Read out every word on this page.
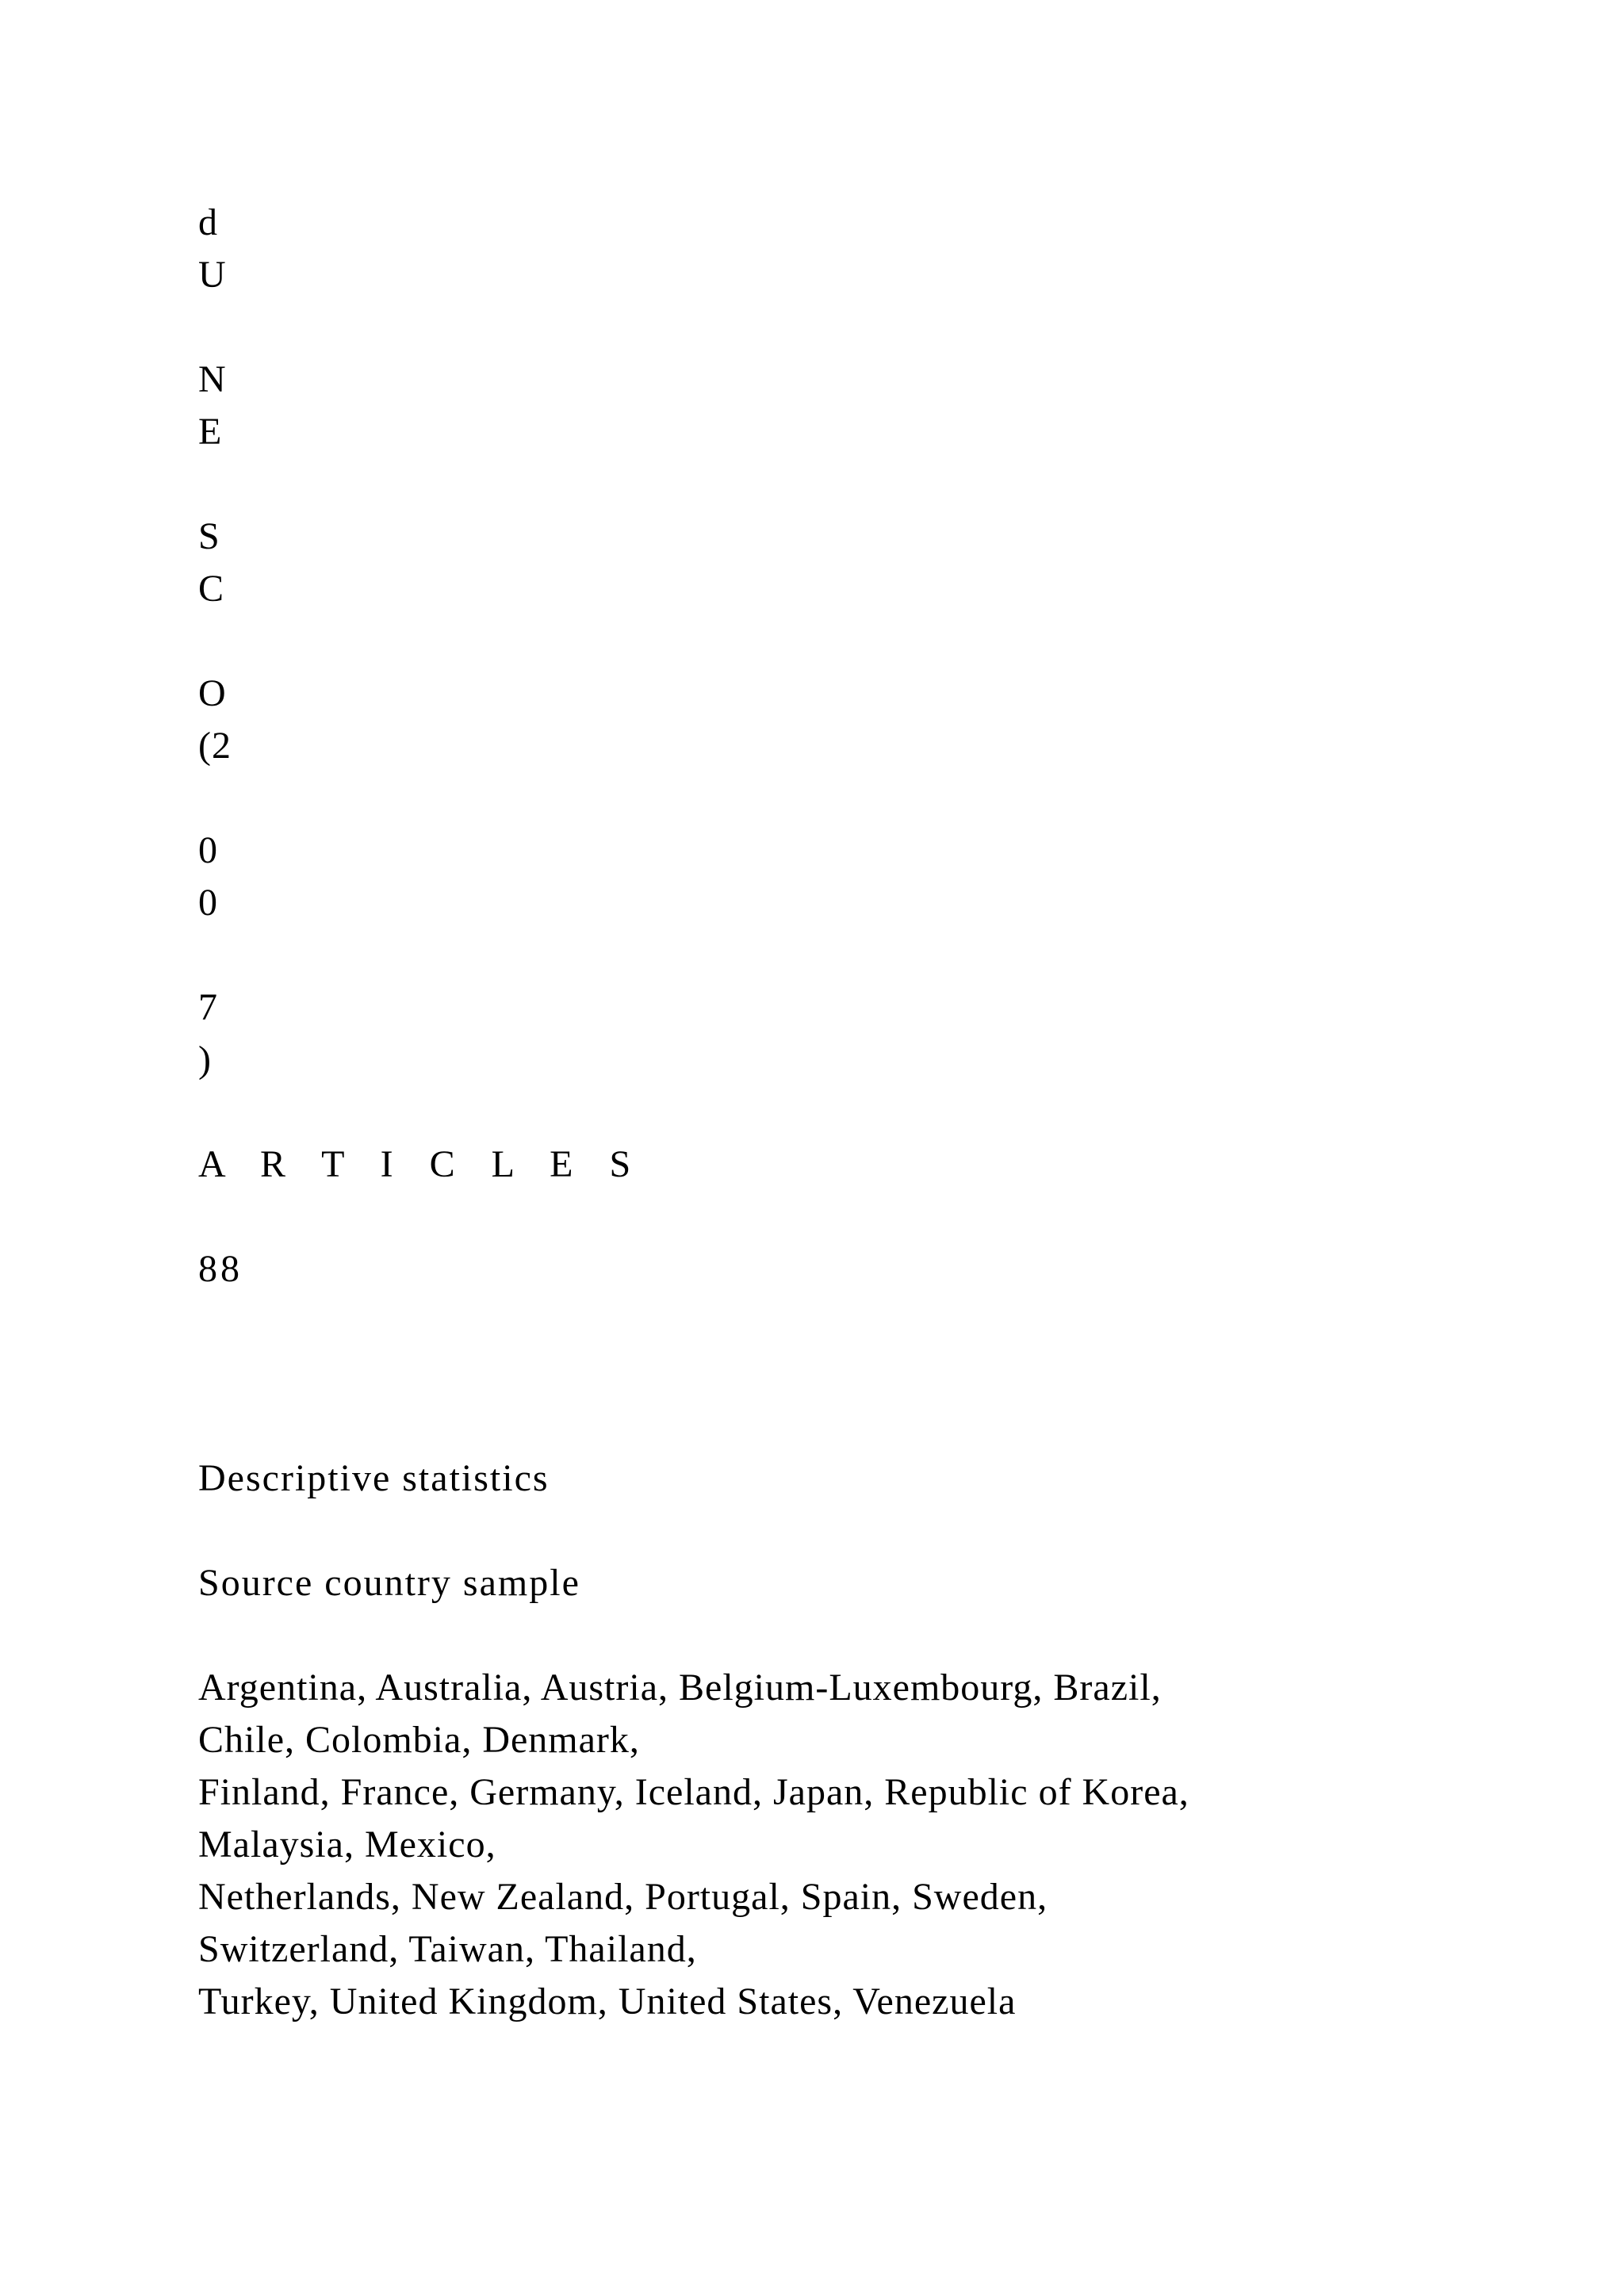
d

U

N

E

S

C

O

(2

0

0

7

)

A R T I C L E S

88

Descriptive statistics

Source country sample

Argentina, Australia, Austria, Belgium-Luxembourg, Brazil,

Chile, Colombia, Denmark,

Finland, France, Germany, Iceland, Japan, Republic of Korea,

Malaysia, Mexico,

Netherlands, New Zealand, Portugal, Spain, Sweden,

Switzerland, Taiwan, Thailand,

Turkey, United Kingdom, United States, Venezuela
